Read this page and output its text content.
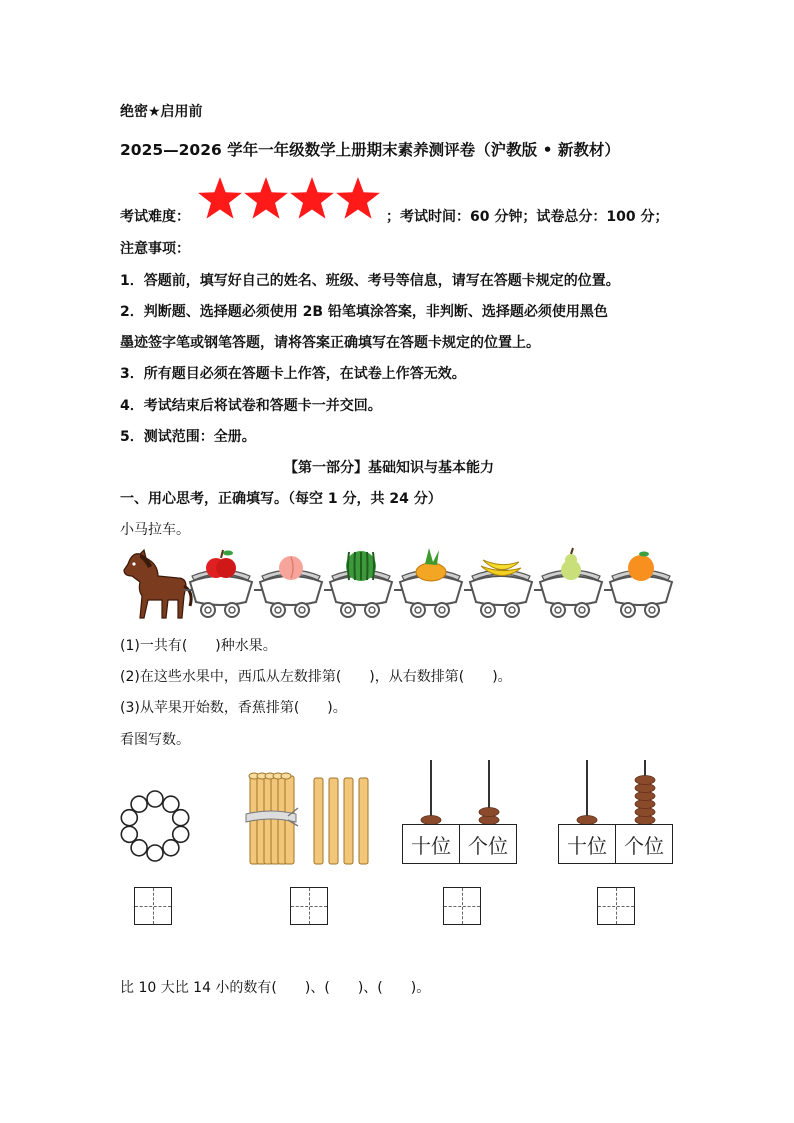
绝密★启用前
2025—2026 学年一年级数学上册期末素养测评卷（沪教版 • 新教材）
考试难度：	；考试时间：60 分钟；试卷总分：100 分；
注意事项：
1．答题前，填写好自己的姓名、班级、考号等信息，请写在答题卡规定的位置。
2．判断题、选择题必须使用 2B 铅笔填涂答案，非判断、选择题必须使用黑色
墨迹签字笔或钢笔答题，请将答案正确填写在答题卡规定的位置上。
3．所有题目必须在答题卡上作答，在试卷上作答无效。
4．考试结束后将试卷和答题卡一并交回。
5．测试范围：全册。
【第一部分】基础知识与基本能力
一、用心思考，正确填写。（每空 1 分，共 24 分）
小马拉车。
(1)一共有(　　)种水果。
(2)在这些水果中，西瓜从左数排第(　　)，从右数排第(　　)。
(3)从苹果开始数，香蕉排第(　　)。
看图写数。
十位 个位	十位 个位
比 10 大比 14 小的数有(　　)、(　　)、(　　)。
